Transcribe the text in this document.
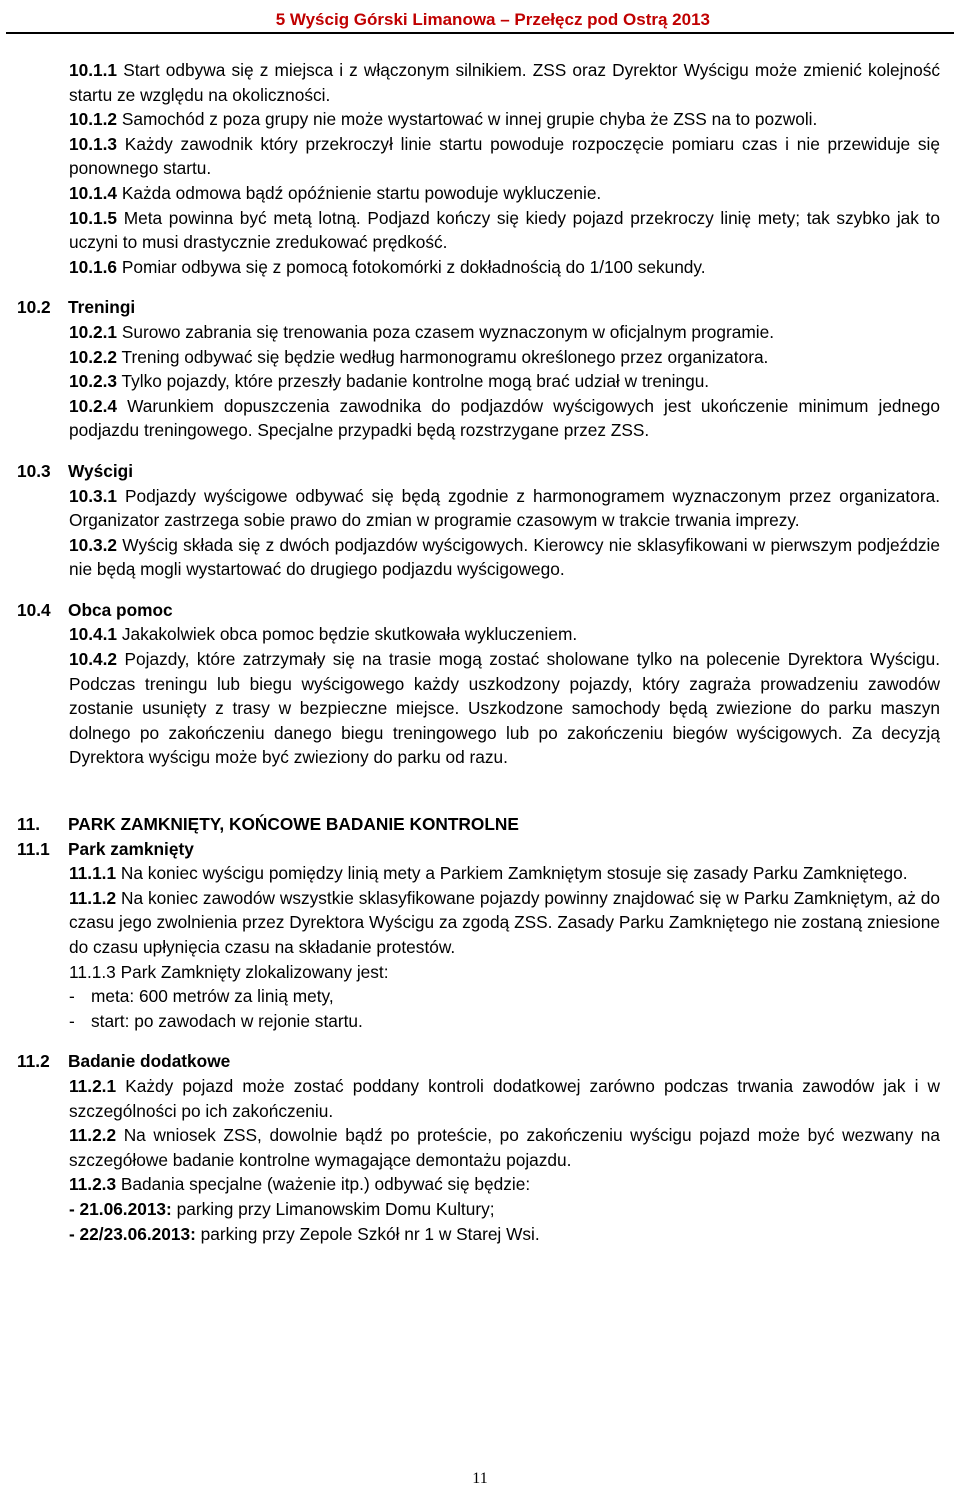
5 Wyścig Górski Limanowa – Przełęcz pod Ostrą 2013

10.1.1 Start odbywa się z miejsca i z włączonym silnikiem. ZSS oraz Dyrektor Wyścigu może zmienić kolejność startu ze względu na okoliczności.

10.1.2 Samochód z poza grupy nie może wystartować w innej grupie chyba że ZSS na to pozwoli.

10.1.3 Każdy zawodnik który przekroczył linie startu powoduje rozpoczęcie pomiaru czas i nie przewiduje się ponownego startu.

10.1.4 Każda odmowa bądź opóźnienie startu powoduje wykluczenie.

10.1.5 Meta powinna być metą lotną. Podjazd kończy się kiedy pojazd przekroczy linię mety; tak szybko jak to uczyni to musi drastycznie zredukować prędkość.

10.1.6 Pomiar odbywa się z pomocą fotokomórki z dokładnością do 1/100 sekundy.

10.2 Treningi

10.2.1 Surowo zabrania się trenowania poza czasem wyznaczonym w oficjalnym programie.

10.2.2 Trening odbywać się będzie według harmonogramu określonego przez organizatora.

10.2.3 Tylko pojazdy, które przeszły badanie kontrolne mogą brać udział w treningu.

10.2.4 Warunkiem dopuszczenia zawodnika do podjazdów wyścigowych jest ukończenie minimum jednego podjazdu treningowego. Specjalne przypadki będą rozstrzygane przez ZSS.

10.3 Wyścigi

10.3.1 Podjazdy wyścigowe odbywać się będą zgodnie z harmonogramem wyznaczonym przez organizatora. Organizator zastrzega sobie prawo do zmian w programie czasowym w trakcie trwania imprezy.

10.3.2 Wyścig składa się z dwóch podjazdów wyścigowych. Kierowcy nie sklasyfikowani w pierwszym podjeździe nie będą mogli wystartować do drugiego podjazdu wyścigowego.

10.4 Obca pomoc

10.4.1 Jakakolwiek obca pomoc będzie skutkowała wykluczeniem.

10.4.2 Pojazdy, które zatrzymały się na trasie mogą zostać sholowane tylko na polecenie Dyrektora Wyścigu. Podczas treningu lub biegu wyścigowego każdy uszkodzony pojazdy, który zagraża prowadzeniu zawodów zostanie usunięty z trasy w bezpieczne miejsce. Uszkodzone samochody będą zwiezione do parku maszyn dolnego po zakończeniu danego biegu treningowego lub po zakończeniu biegów wyścigowych. Za decyzją Dyrektora wyścigu może być zwieziony do parku od razu.

11. PARK ZAMKNIĘTY, KOŃCOWE BADANIE KONTROLNE

11.1 Park zamknięty

11.1.1 Na koniec wyścigu pomiędzy linią mety a Parkiem Zamkniętym stosuje się zasady Parku Zamkniętego.

11.1.2 Na koniec zawodów wszystkie sklasyfikowane pojazdy powinny znajdować się w Parku Zamkniętym, aż do czasu jego zwolnienia przez Dyrektora Wyścigu za zgodą ZSS. Zasady Parku Zamkniętego nie zostaną zniesione do czasu upłynięcia czasu na składanie protestów.

11.1.3 Park Zamknięty zlokalizowany jest:

- meta: 600 metrów za linią mety,

- start: po zawodach w rejonie startu.

11.2 Badanie dodatkowe

11.2.1 Każdy pojazd może zostać poddany kontroli dodatkowej zarówno podczas trwania zawodów jak i w szczególności po ich zakończeniu.

11.2.2 Na wniosek ZSS, dowolnie bądź po proteście, po zakończeniu wyścigu pojazd może być wezwany na szczegółowe badanie kontrolne wymagające demontażu pojazdu.

11.2.3 Badania specjalne (ważenie itp.) odbywać się będzie:

- 21.06.2013: parking przy Limanowskim Domu Kultury;

- 22/23.06.2013: parking przy Zepole Szkół nr 1 w Starej Wsi.

11
